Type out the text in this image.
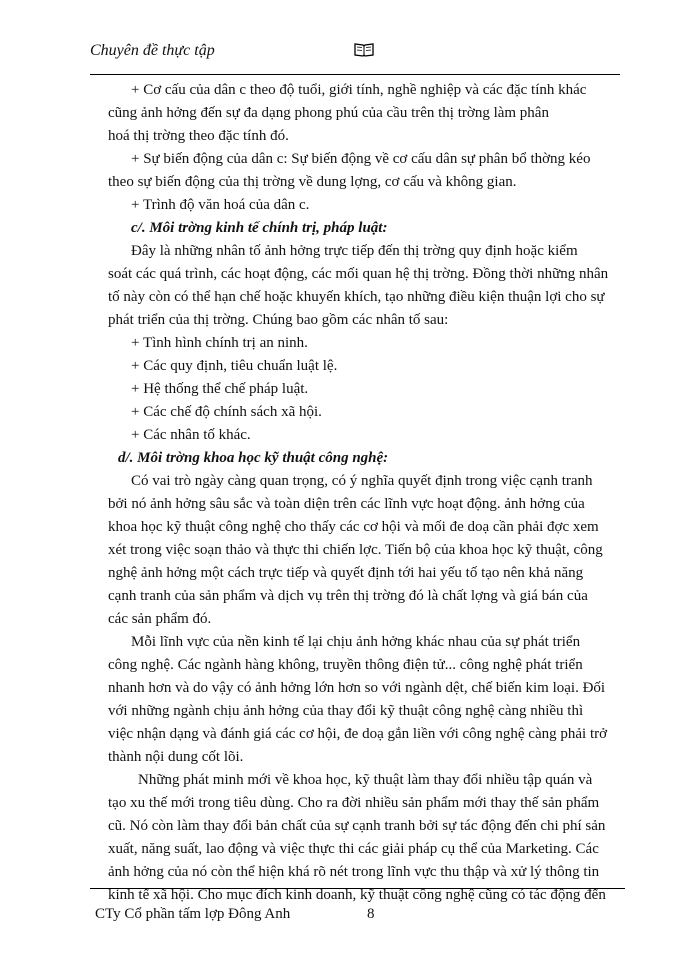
Chuyên đề thực tập
+ Cơ cấu của dân c theo độ tuổi, giới tính, nghề nghiệp và các đặc tính khác
cũng ảnh hởng đến sự đa dạng phong phú của cầu trên thị trờng làm phân
hoá thị trờng theo đặc tính đó.
+ Sự biến động của dân c: Sự biến động về cơ cấu dân sự phân bổ thờng kéo
theo sự biến động của thị trờng về dung lợng, cơ cấu và không gian.
+ Trình độ văn hoá của dân c.
c/. Môi trờng kinh tế chính trị, pháp luật:
Đây là những nhân tố ảnh hởng trực tiếp đến thị trờng quy định hoặc kiểm
soát các quá trình, các hoạt động, các mối quan hệ thị trờng. Đồng thời những nhân
tố này còn có thể hạn chế hoặc khuyến khích, tạo những điều kiện thuận lợi cho sự
phát triển của thị trờng. Chúng bao gồm các nhân tố sau:
+ Tình hình chính trị an ninh.
+ Các quy định, tiêu chuẩn luật lệ.
+ Hệ thống thể chế pháp luật.
+ Các chế độ chính sách xã hội.
+ Các nhân tố khác.
d/. Môi trờng khoa học kỹ thuật công nghệ:
Có vai trò ngày càng quan trọng, có ý nghĩa quyết định trong việc cạnh tranh
bởi nó ảnh hởng sâu sắc và toàn diện trên các lĩnh vực hoạt động. ảnh hởng của
khoa học kỹ thuật công nghệ cho thấy các cơ hội và mối đe doạ cần phải đợc xem
xét trong việc soạn thảo và thực thi chiến lợc. Tiến bộ của khoa học kỹ thuật, công
nghệ ảnh hởng một cách trực tiếp và quyết định tới hai yếu tố tạo nên khả năng
cạnh tranh của sản phẩm và dịch vụ trên thị trờng đó là chất lợng và giá bán của
các sản phẩm đó.
Mỗi lĩnh vực của nền kinh tế lại chịu ảnh hởng khác nhau của sự phát triển
công nghệ. Các ngành hàng không, truyền thông điện tử... công nghệ phát triển
nhanh hơn và do vậy có ảnh hởng lớn hơn so với ngành dệt, chế biến kim loại. Đối
với những ngành chịu ảnh hởng của thay đổi kỹ thuật công nghệ càng nhiều thì
việc nhận dạng và đánh giá các cơ hội, đe doạ gắn liền với công nghệ càng phải trở
thành nội dung cốt lõi.
Những phát minh mới về khoa học, kỹ thuật làm thay đổi nhiều tập quán và
tạo xu thế mới trong tiêu dùng. Cho ra đời nhiều sản phẩm mới thay thế sản phẩm
cũ. Nó còn làm thay đổi bản chất của sự cạnh tranh bởi sự tác động đến chi phí sản
xuất, năng suất, lao động và việc thực thi các giải pháp cụ thể của Marketing. Các
ảnh hởng của nó còn thể hiện khá rõ nét trong lĩnh vực thu thập và xử lý thông tin
kinh tế xã hội. Cho mục đích kinh doanh, kỹ thuật công nghệ cũng có tác động đến
CTy Cổ phần tấm lợp Đông Anh	8
